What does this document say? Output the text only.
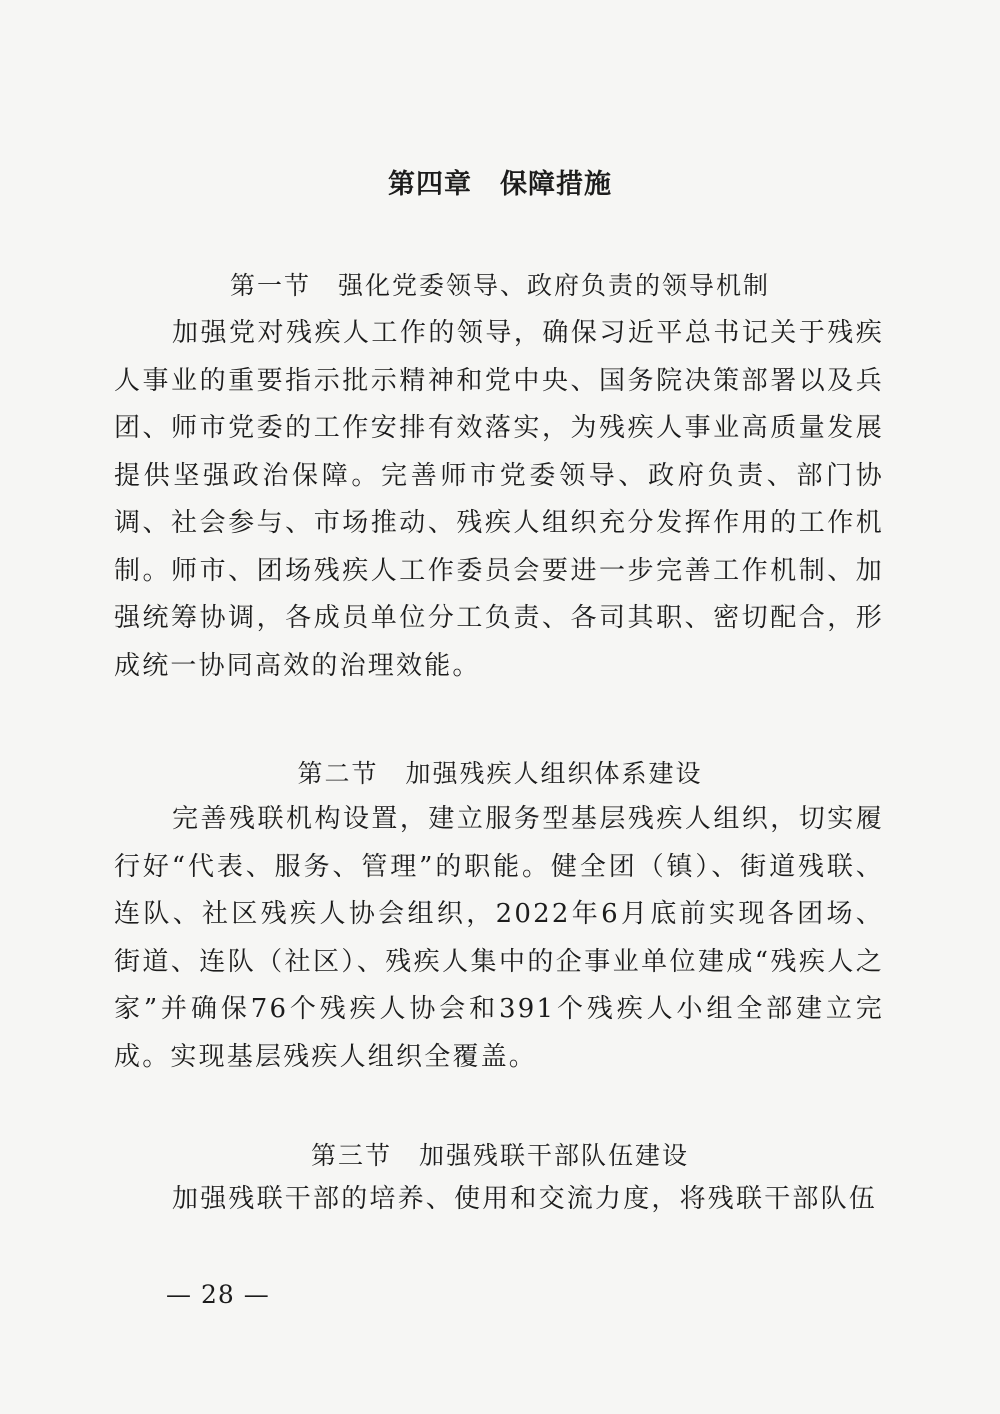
第四章　保障措施
第一节　强化党委领导、政府负责的领导机制

加强党对残疾人工作的领导，确保习近平总书记关于残疾人事业的重要指示批示精神和党中央、国务院决策部署以及兵团、师市党委的工作安排有效落实，为残疾人事业高质量发展提供坚强政治保障。完善师市党委领导、政府负责、部门协调、社会参与、市场推动、残疾人组织充分发挥作用的工作机制。师市、团场残疾人工作委员会要进一步完善工作机制、加强统筹协调，各成员单位分工负责、各司其职、密切配合，形成统一协同高效的治理效能。

第二节　加强残疾人组织体系建设

完善残联机构设置，建立服务型基层残疾人组织，切实履行好“代表、服务、管理”的职能。健全团（镇）、街道残联、连队、社区残疾人协会组织，2022年6月底前实现各团场、街道、连队（社区）、残疾人集中的企事业单位建成“残疾人之家”并确保76个残疾人协会和391个残疾人小组全部建立完成。实现基层残疾人组织全覆盖。

第三节　加强残联干部队伍建设

加强残联干部的培养、使用和交流力度，将残联干部队伍

— 28 —
